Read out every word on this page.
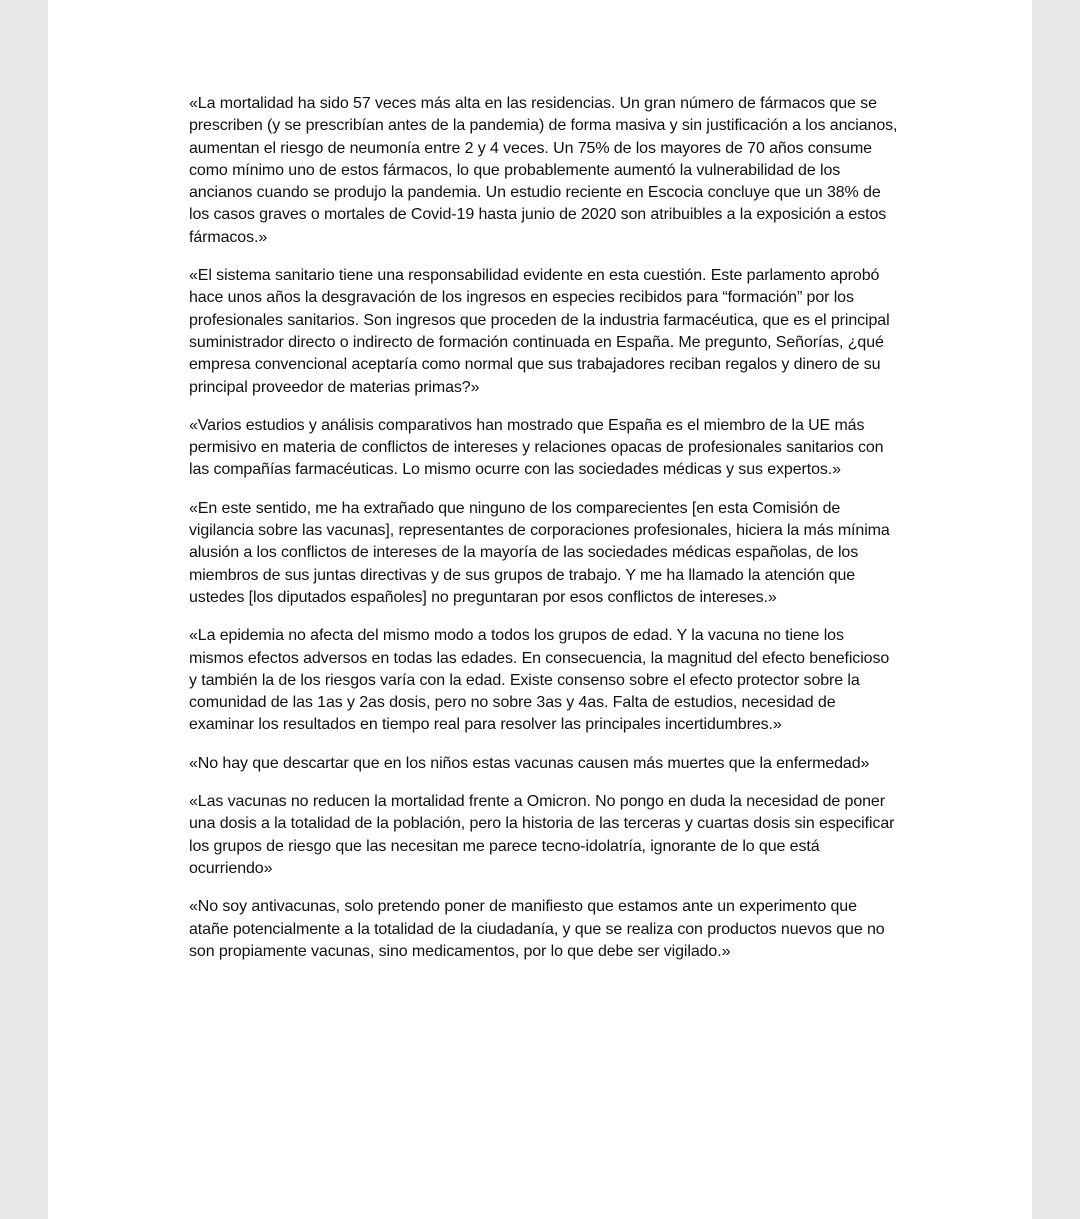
«La mortalidad ha sido 57 veces más alta en las residencias. Un gran número de fármacos que se prescriben (y se prescribían antes de la pandemia) de forma masiva y sin justificación a los ancianos, aumentan el riesgo de neumonía entre 2 y 4 veces. Un 75% de los mayores de 70 años consume como mínimo uno de estos fármacos, lo que probablemente aumentó la vulnerabilidad de los ancianos cuando se produjo la pandemia. Un estudio reciente en Escocia concluye que un 38% de los casos graves o mortales de Covid-19 hasta junio de 2020 son atribuibles a la exposición a estos fármacos.»

«El sistema sanitario tiene una responsabilidad evidente en esta cuestión. Este parlamento aprobó hace unos años la desgravación de los ingresos en especies recibidos para “formación” por los profesionales sanitarios. Son ingresos que proceden de la industria farmacéutica, que es el principal suministrador directo o indirecto de formación continuada en España. Me pregunto, Señorías, ¿qué empresa convencional aceptaría como normal que sus trabajadores reciban regalos y dinero de su principal proveedor de materias primas?»

«Varios estudios y análisis comparativos han mostrado que España es el miembro de la UE más permisivo en materia de conflictos de intereses y relaciones opacas de profesionales sanitarios con las compañías farmacéuticas. Lo mismo ocurre con las sociedades médicas y sus expertos.»

«En este sentido, me ha extrañado que ninguno de los comparecientes [en esta Comisión de vigilancia sobre las vacunas], representantes de corporaciones profesionales, hiciera la más mínima alusión a los conflictos de intereses de la mayoría de las sociedades médicas españolas, de los miembros de sus juntas directivas y de sus grupos de trabajo. Y me ha llamado la atención que ustedes [los diputados españoles] no preguntaran por esos conflictos de intereses.»

«La epidemia no afecta del mismo modo a todos los grupos de edad. Y la vacuna no tiene los mismos efectos adversos en todas las edades. En consecuencia, la magnitud del efecto beneficioso y también la de los riesgos varía con la edad. Existe consenso sobre el efecto protector sobre la comunidad de las 1as y 2as dosis, pero no sobre 3as y 4as. Falta de estudios, necesidad de examinar los resultados en tiempo real para resolver las principales incertidumbres.»

«No hay que descartar que en los niños estas vacunas causen más muertes que la enfermedad»

«Las vacunas no reducen la mortalidad frente a Omicron. No pongo en duda la necesidad de poner una dosis a la totalidad de la población, pero la historia de las terceras y cuartas dosis sin especificar los grupos de riesgo que las necesitan me parece tecno-idolatría, ignorante de lo que está ocurriendo»

«No soy antivacunas, solo pretendo poner de manifiesto que estamos ante un experimento que atañe potencialmente a la totalidad de la ciudadanía, y que se realiza con productos nuevos que no son propiamente vacunas, sino medicamentos, por lo que debe ser vigilado.»
